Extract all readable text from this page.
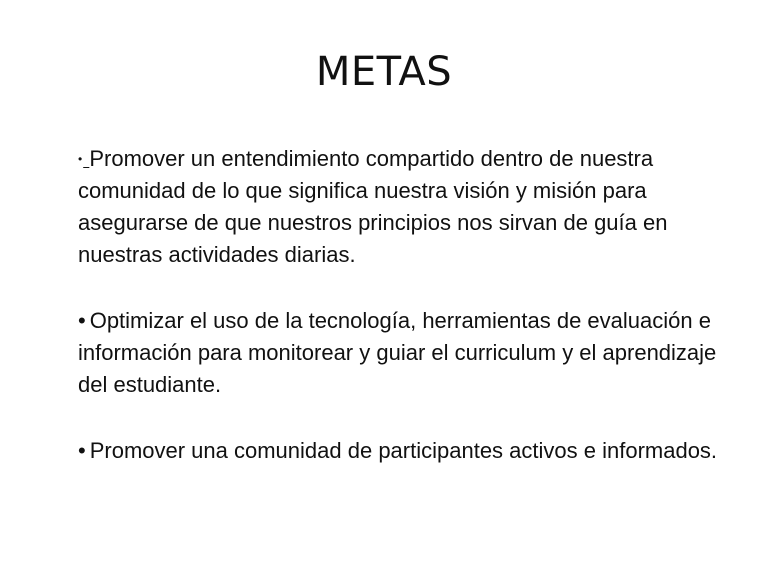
METAS
• Promover un entendimiento compartido dentro de nuestra comunidad de lo que significa nuestra visión y misión para asegurarse de que nuestros principios nos sirvan de guía en nuestras actividades diarias.
• Optimizar el uso de la tecnología, herramientas de evaluación e información para monitorear y guiar el curriculum y el aprendizaje del estudiante.
• Promover una comunidad de participantes activos e informados.
